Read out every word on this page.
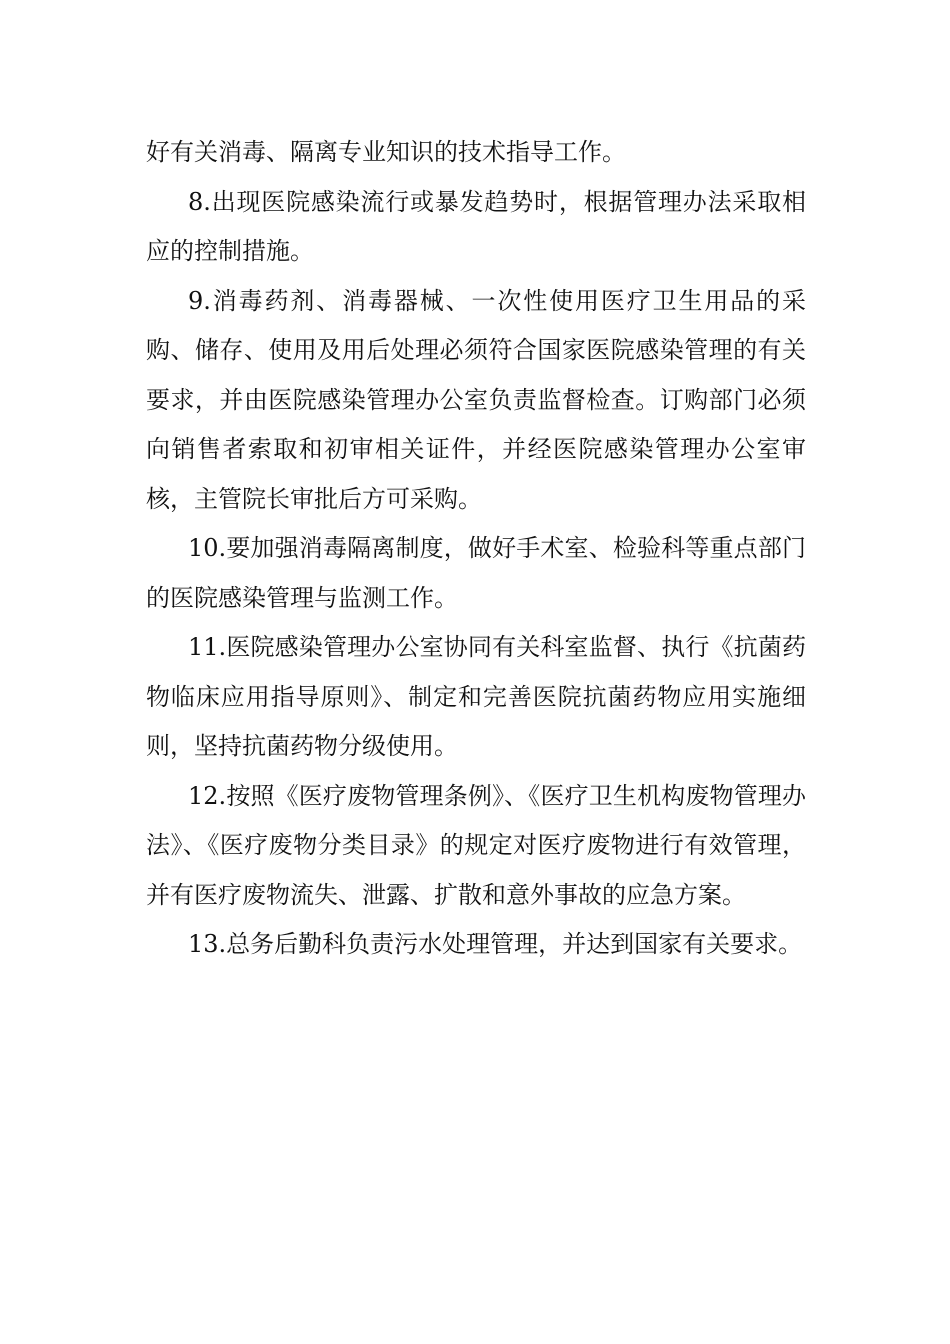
好有关消毒、隔离专业知识的技术指导工作。

8.出现医院感染流行或暴发趋势时，根据管理办法采取相应的控制措施。

9.消毒药剂、消毒器械、一次性使用医疗卫生用品的采购、储存、使用及用后处理必须符合国家医院感染管理的有关要求，并由医院感染管理办公室负责监督检查。订购部门必须向销售者索取和初审相关证件，并经医院感染管理办公室审核，主管院长审批后方可采购。

10.要加强消毒隔离制度，做好手术室、检验科等重点部门的医院感染管理与监测工作。

11.医院感染管理办公室协同有关科室监督、执行《抗菌药物临床应用指导原则》、制定和完善医院抗菌药物应用实施细则，坚持抗菌药物分级使用。

12.按照《医疗废物管理条例》、《医疗卫生机构废物管理办法》、《医疗废物分类目录》的规定对医疗废物进行有效管理，并有医疗废物流失、泄露、扩散和意外事故的应急方案。

13.总务后勤科负责污水处理管理，并达到国家有关要求。
